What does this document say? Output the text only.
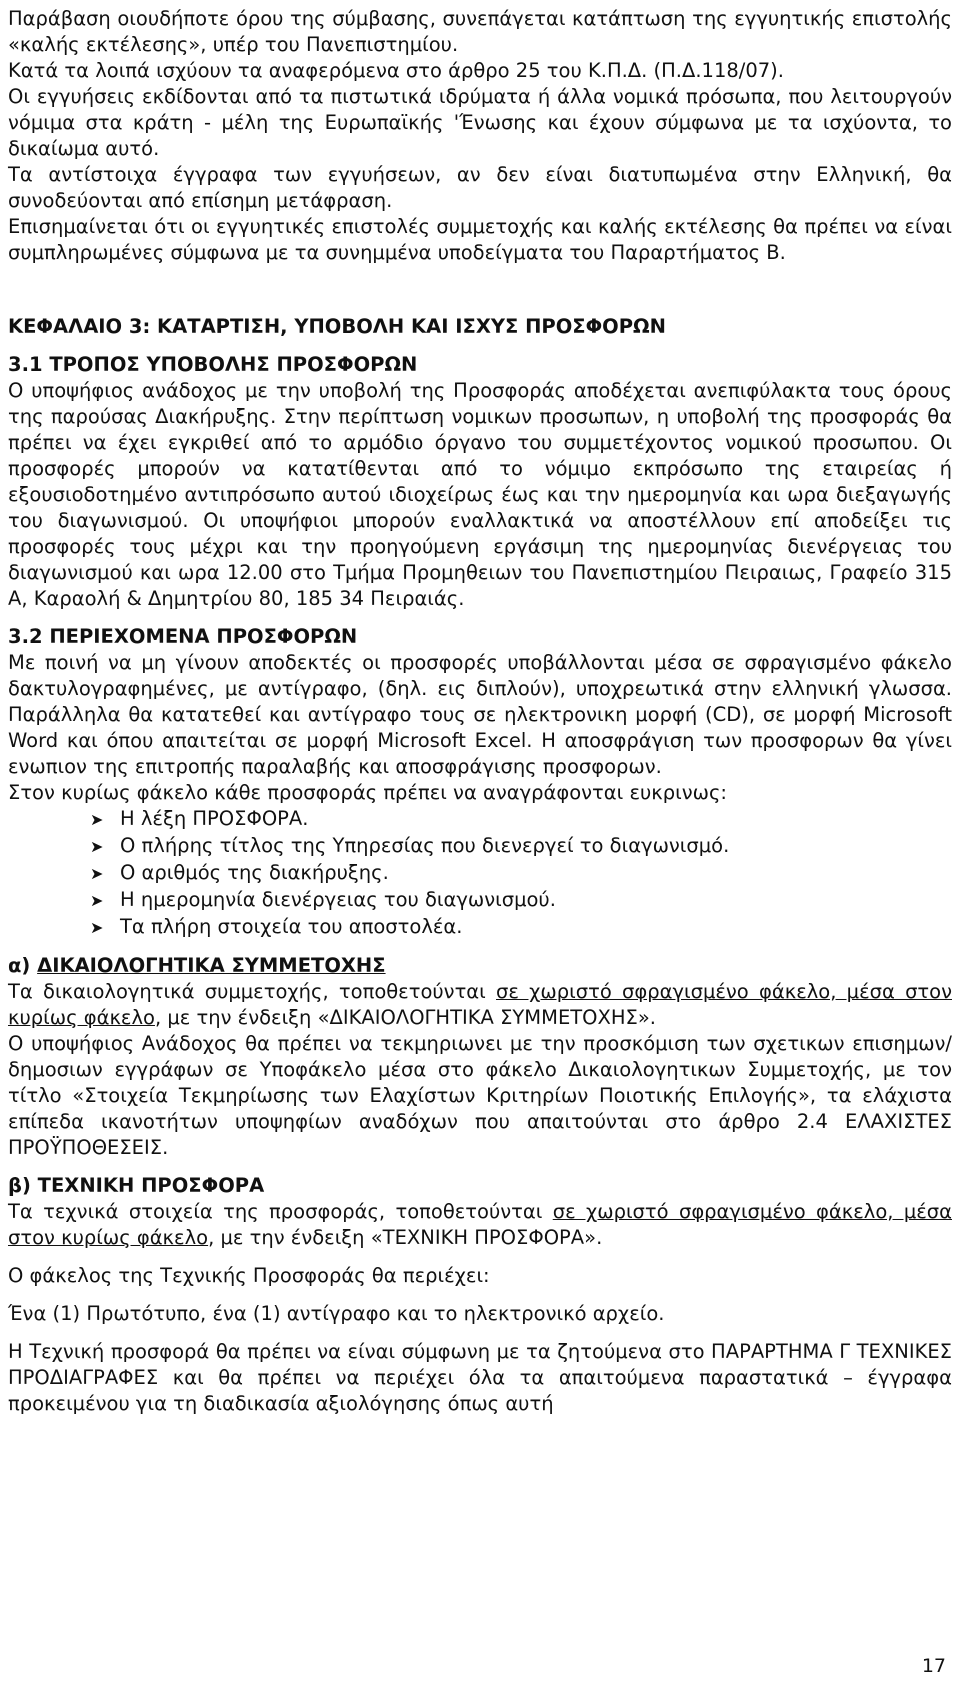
Παράβαση οιουδήποτε όρου της σύμβασης, συνεπάγεται κατάπτωση της εγγυητικής επιστολής «καλής εκτέλεσης», υπέρ του Πανεπιστημίου.

Κατά τα λοιπά ισχύουν τα αναφερόμενα στο άρθρο 25 του Κ.Π.Δ. (Π.Δ.118/07).

Οι εγγυήσεις εκδίδονται από τα πιστωτικά ιδρύματα ή άλλα νομικά πρόσωπα, που λειτουργούν νόμιμα στα κράτη - μέλη της Ευρωπαϊκής 'Ένωσης και έχουν σύμφωνα με τα ισχύοντα, το δικαίωμα αυτό.

Τα αντίστοιχα έγγραφα των εγγυήσεων, αν δεν είναι διατυπωμένα στην Ελληνική, θα συνοδεύονται από επίσημη μετάφραση.

Επισημαίνεται ότι οι εγγυητικές επιστολές συμμετοχής και καλής εκτέλεσης θα πρέπει να είναι συμπληρωμένες σύμφωνα με τα συνημμένα υποδείγματα του Παραρτήματος Β.

ΚΕΦΑΛΑΙΟ 3: ΚΑΤΑΡΤΙΣΗ, ΥΠΟΒΟΛΗ ΚΑΙ ΙΣΧΥΣ ΠΡΟΣΦΟΡΩΝ
3.1 ΤΡΟΠΟΣ ΥΠΟΒΟΛΗΣ ΠΡΟΣΦΟΡΩΝ

Ο υποψήφιος ανάδοχος με την υποβολή της Προσφοράς αποδέχεται ανεπιφύλακτα τους όρους της παρούσας Διακήρυξης. Στην περίπτωση νομικων προσωπων, η υποβολή της προσφοράς θα πρέπει να έχει εγκριθεί από το αρμόδιο όργανο του συμμετέχοντος νομικού προσωπου. Οι προσφορές μπορούν να κατατίθενται από το νόμιμο εκπρόσωπο της εταιρείας ή εξουσιοδοτημένο αντιπρόσωπο αυτού ιδιοχείρως έως και την ημερομηνία και ωρα διεξαγωγής του διαγωνισμού. Οι υποψήφιοι μπορούν εναλλακτικά να αποστέλλουν επί αποδείξει τις προσφορές τους μέχρι και την προηγούμενη εργάσιμη της ημερομηνίας διενέργειας του διαγωνισμού και ωρα 12.00 στο Τμήμα Προμηθειων του Πανεπιστημίου Πειραιως, Γραφείο 315 Α, Καραολή & Δημητρίου 80, 185 34 Πειραιάς.

3.2 ΠΕΡΙΕΧΟΜΕΝΑ ΠΡΟΣΦΟΡΩΝ

Με ποινή να μη γίνουν αποδεκτές οι προσφορές υποβάλλονται μέσα σε σφραγισμένο φάκελο δακτυλογραφημένες, με αντίγραφο, (δηλ. εις διπλούν), υποχρεωτικά στην ελληνική γλωσσα. Παράλληλα θα κατατεθεί και αντίγραφο τους σε ηλεκτρονικη μορφή (CD), σε μορφή Microsoft Word και όπου απαιτείται σε μορφή Microsoft Excel. Η αποσφράγιση των προσφορων θα γίνει ενωπιον της επιτροπής παραλαβής και αποσφράγισης προσφορων.

Στον κυρίως φάκελο κάθε προσφοράς πρέπει να αναγράφονται ευκρινως:

➤ Η λέξη ΠΡΟΣΦΟΡΑ.
➤ Ο πλήρης τίτλος της Υπηρεσίας που διενεργεί το διαγωνισμό.
➤ Ο αριθμός της διακήρυξης.
➤ Η ημερομηνία διενέργειας του διαγωνισμού.
➤ Τα πλήρη στοιχεία του αποστολέα.
α) ΔΙΚΑΙΟΛΟΓΗΤΙΚΑ ΣΥΜΜΕΤΟΧΗΣ

Τα δικαιολογητικά συμμετοχής, τοποθετούνται σε χωριστό σφραγισμένο φάκελο, μέσα στον κυρίως φάκελο, με την ένδειξη «ΔΙΚΑΙΟΛΟΓΗΤΙΚΑ ΣΥΜΜΕΤΟΧΗΣ».

Ο υποψήφιος Ανάδοχος θα πρέπει να τεκμηριωνει με την προσκόμιση των σχετικων επισημων/δημοσιων εγγράφων σε Υποφάκελο μέσα στο φάκελο Δικαιολογητικων Συμμετοχής, με τον τίτλο «Στοιχεία Τεκμηρίωσης των Ελαχίστων Κριτηρίων Ποιοτικής Επιλογής», τα ελάχιστα επίπεδα ικανοτήτων υποψηφίων αναδόχων που απαιτούνται στο άρθρο 2.4 ΕΛΑΧΙΣΤΕΣ ΠΡΟΫΠΟΘΕΣΕΙΣ.

β) ΤΕΧΝΙΚΗ ΠΡΟΣΦΟΡΑ

Τα τεχνικά στοιχεία της προσφοράς, τοποθετούνται σε χωριστό σφραγισμένο φάκελο, μέσα στον κυρίως φάκελο, με την ένδειξη «ΤΕΧΝΙΚΗ ΠΡΟΣΦΟΡΑ».

Ο φάκελος της Τεχνικής Προσφοράς θα περιέχει:

Ένα (1) Πρωτότυπο, ένα (1) αντίγραφο και το ηλεκτρονικό αρχείο.

Η Τεχνική προσφορά θα πρέπει να είναι σύμφωνη με τα ζητούμενα στο ΠΑΡΑΡΤΗΜΑ Γ ΤΕΧΝΙΚΕΣ ΠΡΟΔΙΑΓΡΑΦΕΣ και θα πρέπει να περιέχει όλα τα απαιτούμενα παραστατικά – έγγραφα προκειμένου για τη διαδικασία αξιολόγησης όπως αυτή

17
